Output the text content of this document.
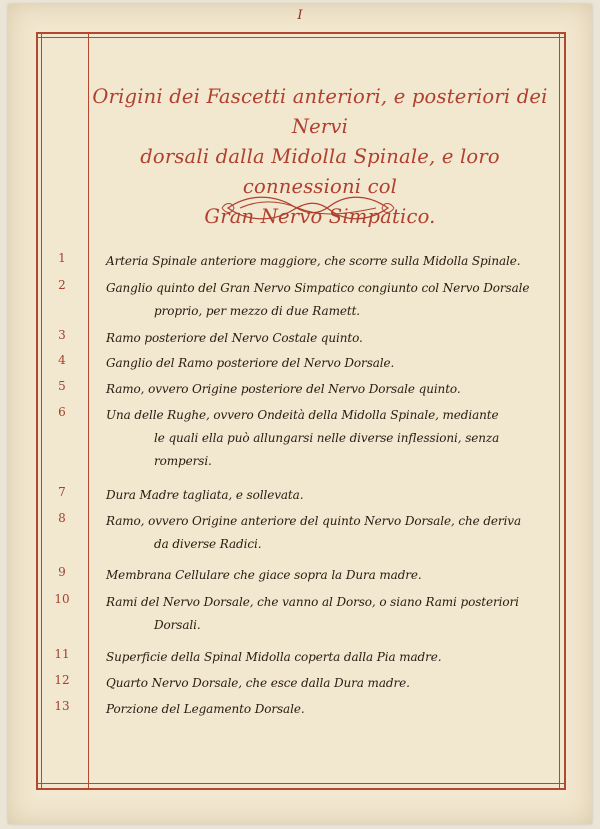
I
Origini dei Fascetti anteriori, e posteriori dei Nervi
dorsali dalla Midolla Spinale, e loro connessioni col
Gran Nervo Simpatico.
1	Arteria Spinale anteriore maggiore, che scorre sulla Midolla Spinale.
2	Ganglio quinto del Gran Nervo Simpatico congiunto col Nervo Dorsale
proprio, per mezzo di due Ramett.
3	Ramo posteriore del Nervo Costale quinto.
4	Ganglio del Ramo posteriore del Nervo Dorsale.
5	Ramo, ovvero Origine posteriore del Nervo Dorsale quinto.
6	Una delle Rughe, ovvero Ondeità della Midolla Spinale, mediante
le quali ella può allungarsi nelle diverse inflessioni, senza
rompersi.
7	Dura Madre tagliata, e sollevata.
8	Ramo, ovvero Origine anteriore del quinto Nervo Dorsale, che deriva
da diverse Radici.
9	Membrana Cellulare che giace sopra la Dura madre.
10	Rami del Nervo Dorsale, che vanno al Dorso, o siano Rami posteriori
Dorsali.
11	Superficie della Spinal Midolla coperta dalla Pia madre.
12	Quarto Nervo Dorsale, che esce dalla Dura madre.
13	Porzione del Legamento Dorsale.
